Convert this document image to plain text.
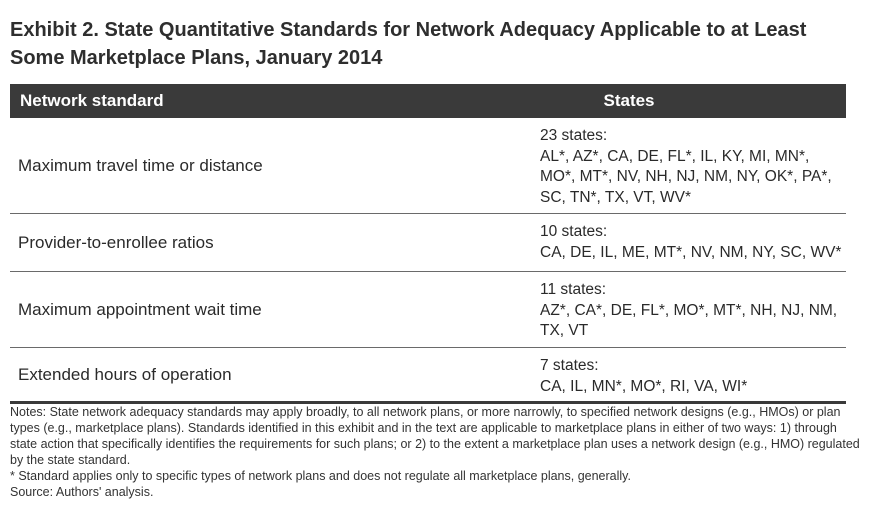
Exhibit 2. State Quantitative Standards for Network Adequacy Applicable to at Least Some Marketplace Plans, January 2014
Network standard	States
Maximum travel time or distance
23 states:
AL*, AZ*, CA, DE, FL*, IL, KY, MI, MN*, MO*, MT*, NV, NH, NJ, NM, NY, OK*, PA*, SC, TN*, TX, VT, WV*
Provider-to-enrollee ratios
10 states:
CA, DE, IL, ME, MT*, NV, NM, NY, SC, WV*
Maximum appointment wait time
11 states:
AZ*, CA*, DE, FL*, MO*, MT*, NH, NJ, NM, TX, VT
Extended hours of operation	7 states:
CA, IL, MN*, MO*, RI, VA, WI*
Notes: State network adequacy standards may apply broadly, to all network plans, or more narrowly, to specified network designs (e.g., HMOs) or plan types (e.g., marketplace plans). Standards identified in this exhibit and in the text are applicable to marketplace plans in either of two ways: 1) through state action that specifically identifies the requirements for such plans; or 2) to the extent a marketplace plan uses a network design (e.g., HMO) regulated by the state standard.
* Standard applies only to specific types of network plans and does not regulate all marketplace plans, generally.
Source: Authors' analysis.
